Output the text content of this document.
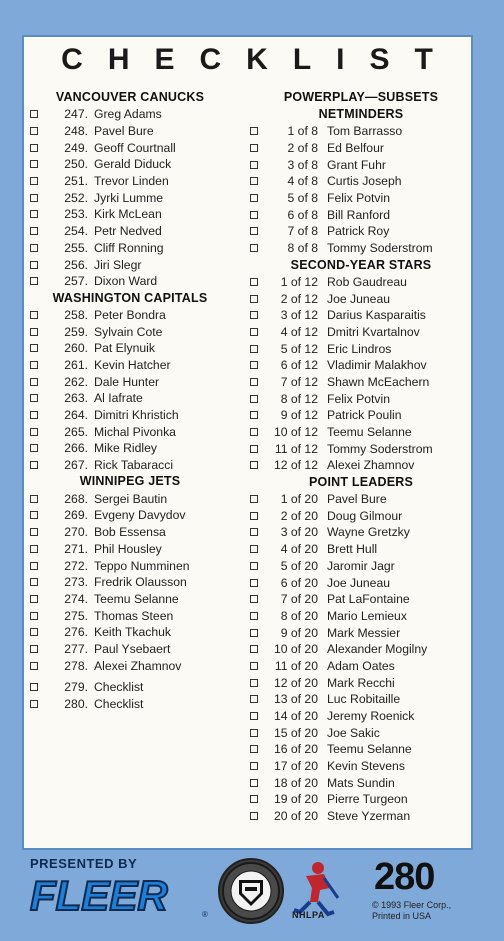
CHECKLIST
VANCOUVER CANUCKS
247. Greg Adams
248. Pavel Bure
249. Geoff Courtnall
250. Gerald Diduck
251. Trevor Linden
252. Jyrki Lumme
253. Kirk McLean
254. Petr Nedved
255. Cliff Ronning
256. Jiri Slegr
257. Dixon Ward
WASHINGTON CAPITALS
258. Peter Bondra
259. Sylvain Cote
260. Pat Elynuik
261. Kevin Hatcher
262. Dale Hunter
263. Al Iafrate
264. Dimitri Khristich
265. Michal Pivonka
266. Mike Ridley
267. Rick Tabaracci
WINNIPEG JETS
268. Sergei Bautin
269. Evgeny Davydov
270. Bob Essensa
271. Phil Housley
272. Teppo Numminen
273. Fredrik Olausson
274. Teemu Selanne
275. Thomas Steen
276. Keith Tkachuk
277. Paul Ysebaert
278. Alexei Zhamnov
279. Checklist
280. Checklist
POWERPLAY—SUBSETS
NETMINDERS
1 of 8 Tom Barrasso
2 of 8 Ed Belfour
3 of 8 Grant Fuhr
4 of 8 Curtis Joseph
5 of 8 Felix Potvin
6 of 8 Bill Ranford
7 of 8 Patrick Roy
8 of 8 Tommy Soderstrom
SECOND-YEAR STARS
1 of 12 Rob Gaudreau
2 of 12 Joe Juneau
3 of 12 Darius Kasparaitis
4 of 12 Dmitri Kvartalnov
5 of 12 Eric Lindros
6 of 12 Vladimir Malakhov
7 of 12 Shawn McEachern
8 of 12 Felix Potvin
9 of 12 Patrick Poulin
10 of 12 Teemu Selanne
11 of 12 Tommy Soderstrom
12 of 12 Alexei Zhamnov
POINT LEADERS
1 of 20 Pavel Bure
2 of 20 Doug Gilmour
3 of 20 Wayne Gretzky
4 of 20 Brett Hull
5 of 20 Jaromir Jagr
6 of 20 Joe Juneau
7 of 20 Pat LaFontaine
8 of 20 Mario Lemieux
9 of 20 Mark Messier
10 of 20 Alexander Mogilny
11 of 20 Adam Oates
12 of 20 Mark Recchi
13 of 20 Luc Robitaille
14 of 20 Jeremy Roenick
15 of 20 Joe Sakic
16 of 20 Teemu Selanne
17 of 20 Kevin Stevens
18 of 20 Mats Sundin
19 of 20 Pierre Turgeon
20 of 20 Steve Yzerman
PRESENTED BY
FLEER	®	NHLPA
280
© 1993 Fleer Corp.,
Printed in USA
